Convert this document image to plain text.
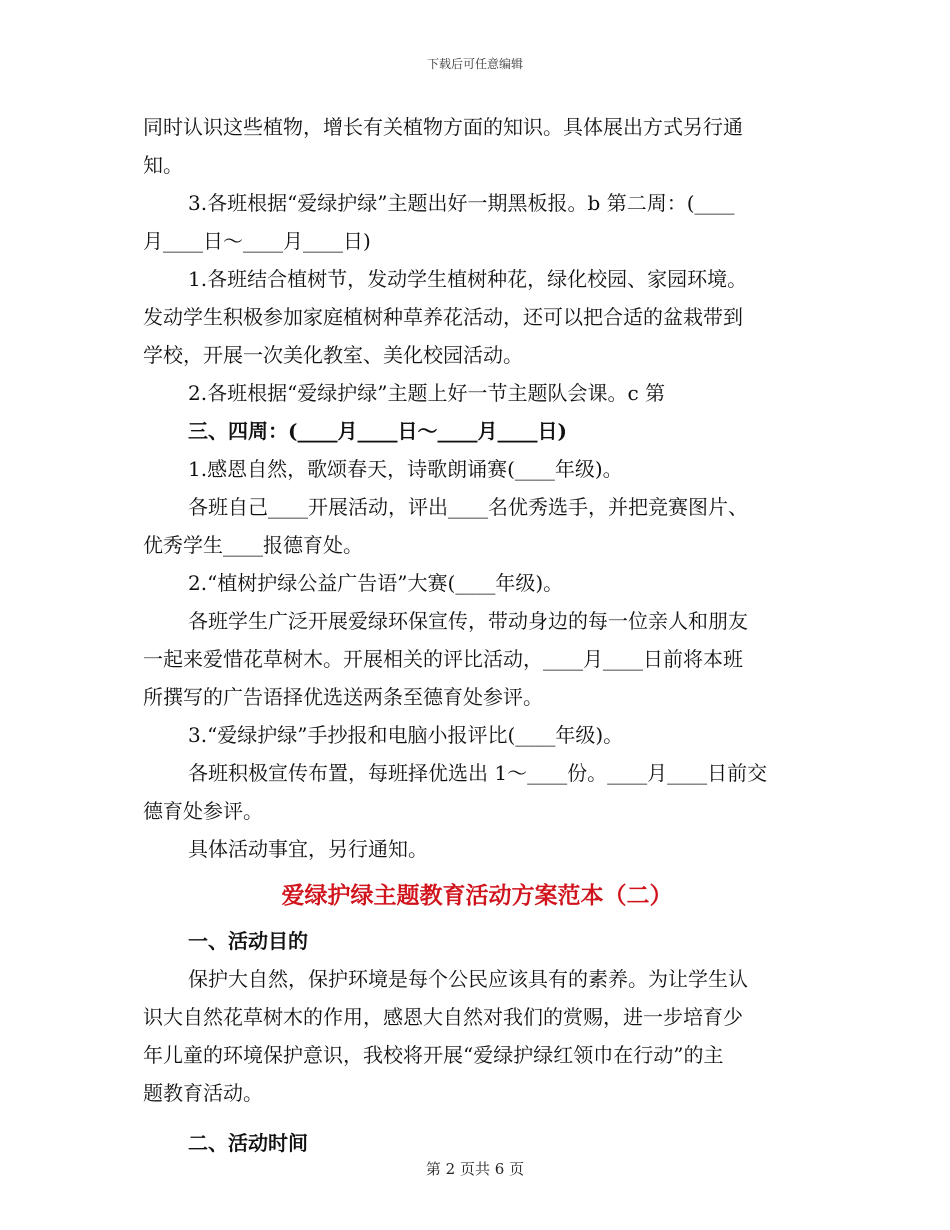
下载后可任意编辑
同时认识这些植物，增长有关植物方面的知识。具体展出方式另行通
知。
3.各班根据“爱绿护绿”主题出好一期黑板报。b 第二周：(____
月____日～____月____日)
1.各班结合植树节，发动学生植树种花，绿化校园、家园环境。
发动学生积极参加家庭植树种草养花活动，还可以把合适的盆栽带到
学校，开展一次美化教室、美化校园活动。
2.各班根据“爱绿护绿”主题上好一节主题队会课。c 第
三、四周：(____月____日～____月____日)
1.感恩自然，歌颂春天，诗歌朗诵赛(____年级)。
各班自己____开展活动，评出____名优秀选手，并把竞赛图片、
优秀学生____报德育处。
2.“植树护绿公益广告语”大赛(____年级)。
各班学生广泛开展爱绿环保宣传，带动身边的每一位亲人和朋友
一起来爱惜花草树木。开展相关的评比活动，____月____日前将本班
所撰写的广告语择优选送两条至德育处参评。
3.“爱绿护绿”手抄报和电脑小报评比(____年级)。
各班积极宣传布置，每班择优选出 1～____份。____月____日前交
德育处参评。
具体活动事宜，另行通知。
爱绿护绿主题教育活动方案范本（二）
一、活动目的
保护大自然，保护环境是每个公民应该具有的素养。为让学生认
识大自然花草树木的作用，感恩大自然对我们的赏赐，进一步培育少
年儿童的环境保护意识，我校将开展“爱绿护绿红领巾在行动”的主
题教育活动。
二、活动时间
第 2 页共 6 页
